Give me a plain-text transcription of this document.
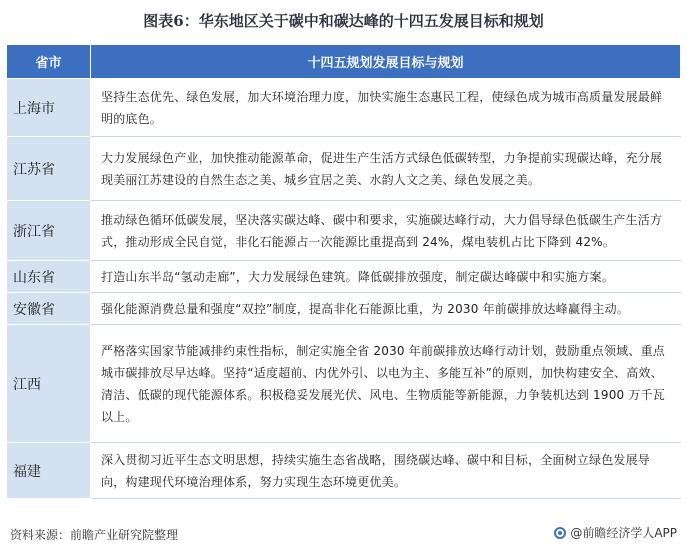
图表6：华东地区关于碳中和碳达峰的十四五发展目标和规划
省市	十四五规划发展目标与规划
上海市	坚持生态优先、绿色发展，加大环境治理力度，加快实施生态惠民工程，使绿色成为城市高质量发展最鲜明的底色。
江苏省	大力发展绿色产业，加快推动能源革命，促进生产生活方式绿色低碳转型，力争提前实现碳达峰，充分展现美丽江苏建设的自然生态之美、城乡宜居之美、水韵人文之美、绿色发展之美。
浙江省	推动绿色循环低碳发展，坚决落实碳达峰、碳中和要求，实施碳达峰行动，大力倡导绿色低碳生产生活方式，推动形成全民自觉，非化石能源占一次能源比重提高到 24%，煤电装机占比下降到 42%。
山东省	打造山东半岛“氢动走廊”，大力发展绿色建筑。降低碳排放强度，制定碳达峰碳中和实施方案。
安徽省	强化能源消费总量和强度“双控”制度，提高非化石能源比重，为 2030 年前碳排放达峰赢得主动。
江西	严格落实国家节能减排约束性指标，制定实施全省 2030 年前碳排放达峰行动计划，鼓励重点领域、重点城市碳排放尽早达峰。坚持“适度超前、内优外引、以电为主、多能互补”的原则，加快构建安全、高效、清洁、低碳的现代能源体系。积极稳妥发展光伏、风电、生物质能等新能源，力争装机达到 1900 万千瓦以上。
福建	深入贯彻习近平生态文明思想，持续实施生态省战略，围绕碳达峰、碳中和目标，全面树立绿色发展导向，构建现代环境治理体系，努力实现生态环境更优美。
资料来源：前瞻产业研究院整理	@前瞻经济学人APP
